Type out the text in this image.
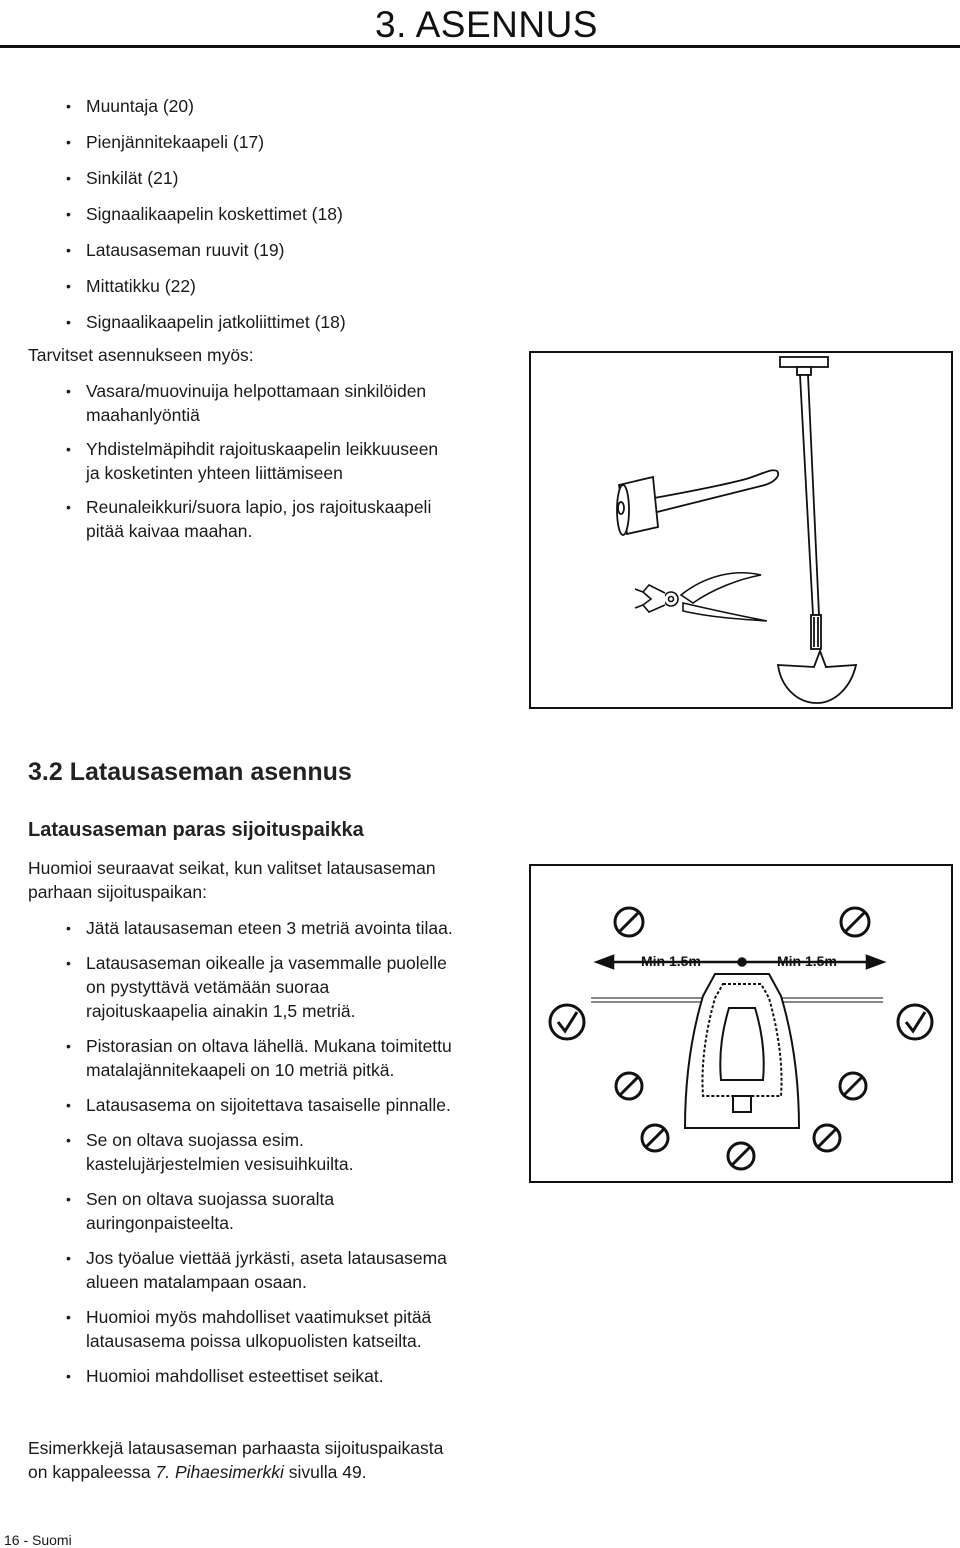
3. ASENNUS
• Muuntaja (20)
• Pienjännitekaapeli (17)
• Sinkilät (21)
• Signaalikaapelin koskettimet (18)
• Latausaseman ruuvit (19)
• Mittatikku (22)
• Signaalikaapelin jatkoliittimet (18)
Tarvitset asennukseen myös:
• Vasara/muovinuija helpottamaan sinkilöiden
maahanlyöntiä
• Yhdistelmäpihdit rajoituskaapelin leikkuuseen
ja kosketinten yhteen liittämiseen
• Reunaleikkuri/suora lapio, jos rajoituskaapeli
pitää kaivaa maahan.
3.2 Latausaseman asennus
Latausaseman paras sijoituspaikka
Huomioi seuraavat seikat, kun valitset latausaseman
parhaan sijoituspaikan:
• Jätä latausaseman eteen 3 metriä avointa tilaa.
• Latausaseman oikealle ja vasemmalle puolelle
on pystyttävä vetämään suoraa
rajoituskaapelia ainakin 1,5 metriä.
• Pistorasian on oltava lähellä. Mukana toimitettu
matalajännitekaapeli on 10 metriä pitkä.
• Latausasema on sijoitettava tasaiselle pinnalle.
• Se on oltava suojassa esim.
kastelujärjestelmien vesisuihkuilta.
• Sen on oltava suojassa suoralta
auringonpaisteelta.
• Jos työalue viettää jyrkästi, aseta latausasema
alueen matalampaan osaan.
• Huomioi myös mahdolliset vaatimukset pitää
latausasema poissa ulkopuolisten katseilta.
• Huomioi mahdolliset esteettiset seikat.
Min 1.5m	Min 1.5m
Esimerkkejä latausaseman parhaasta sijoituspaikasta
on kappaleessa 7. Pihaesimerkki sivulla 49.
16 - Suomi
